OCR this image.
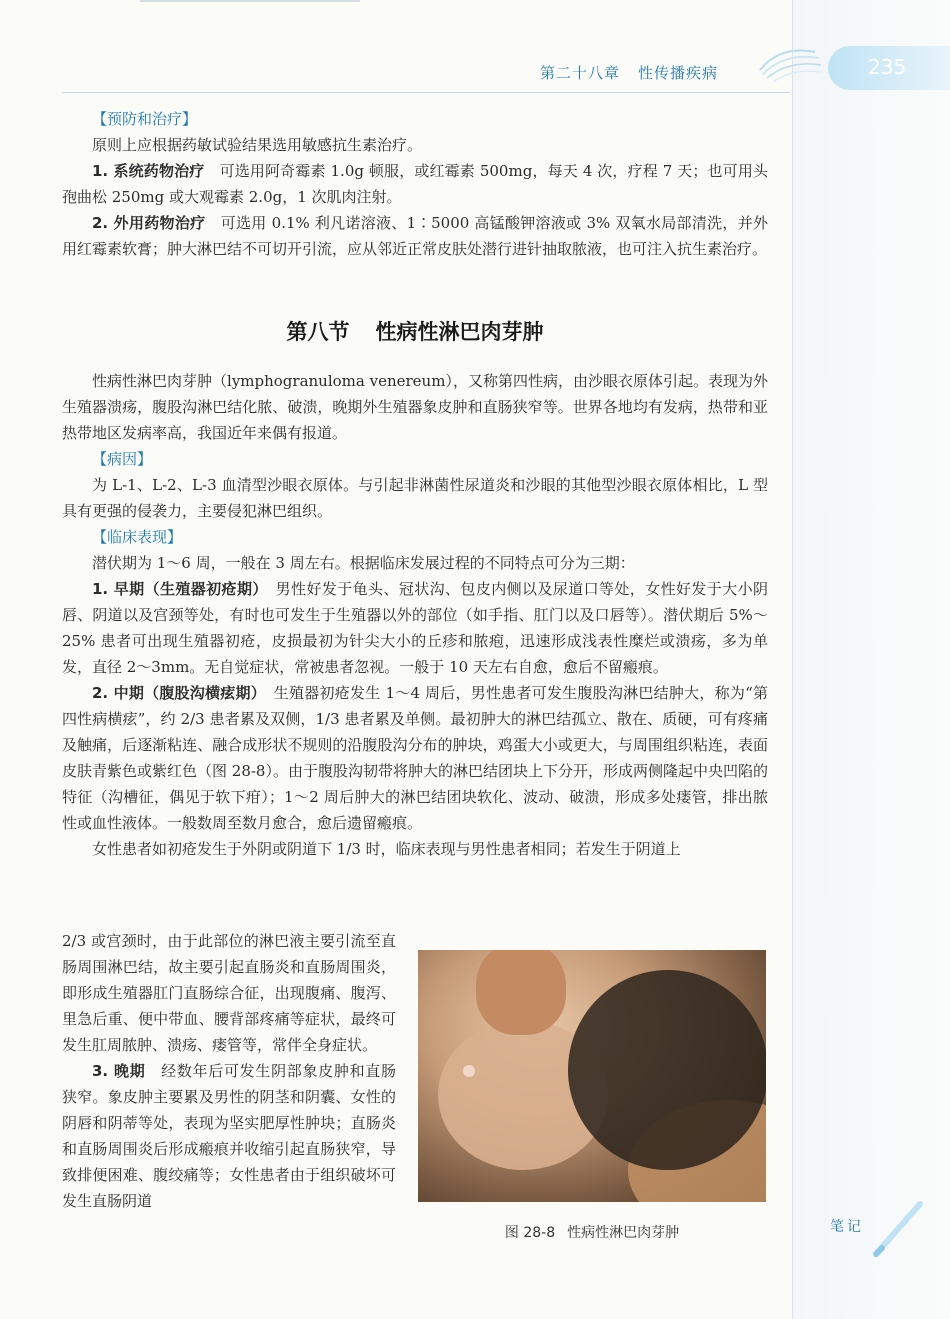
第二十八章 性传播疾病	235

【预防和治疗】

原则上应根据药敏试验结果选用敏感抗生素治疗。

1. 系统药物治疗　 可选用阿奇霉素 1.0g 顿服，或红霉素 500mg，每天 4 次，疗程 7 天；也可用头孢曲松 250mg 或大观霉素 2.0g，1 次肌肉注射。

2. 外用药物治疗　 可选用 0.1% 利凡诺溶液、1∶5000 高锰酸钾溶液或 3% 双氧水局部清洗，并外用红霉素软膏；肿大淋巴结不可切开引流，应从邻近正常皮肤处潜行进针抽取脓液，也可注入抗生素治疗。

第八节 性病性淋巴肉芽肿

性病性淋巴肉芽肿（lymphogranuloma venereum），又称第四性病，由沙眼衣原体引起。表现为外生殖器溃疡，腹股沟淋巴结化脓、破溃，晚期外生殖器象皮肿和直肠狭窄等。世界各地均有发病，热带和亚热带地区发病率高，我国近年来偶有报道。

【病因】

为 L-1、L-2、L-3 血清型沙眼衣原体。与引起非淋菌性尿道炎和沙眼的其他型沙眼衣原体相比，L 型具有更强的侵袭力，主要侵犯淋巴组织。

【临床表现】

潜伏期为 1～6 周，一般在 3 周左右。根据临床发展过程的不同特点可分为三期：

1. 早期（生殖器初疮期）　 男性好发于龟头、冠状沟、包皮内侧以及尿道口等处，女性好发于大小阴唇、阴道以及宫颈等处，有时也可发生于生殖器以外的部位（如手指、肛门以及口唇等）。潜伏期后 5%～25% 患者可出现生殖器初疮，皮损最初为针尖大小的丘疹和脓疱，迅速形成浅表性糜烂或溃疡，多为单发，直径 2～3mm。无自觉症状，常被患者忽视。一般于 10 天左右自愈，愈后不留瘢痕。

2. 中期（腹股沟横痃期）　 生殖器初疮发生 1～4 周后，男性患者可发生腹股沟淋巴结肿大，称为“第四性病横痃”，约 2/3 患者累及双侧，1/3 患者累及单侧。最初肿大的淋巴结孤立、散在、质硬，可有疼痛及触痛，后逐渐粘连、融合成形状不规则的沿腹股沟分布的肿块，鸡蛋大小或更大，与周围组织粘连，表面皮肤青紫色或紫红色（图 28-8）。由于腹股沟韧带将肿大的淋巴结团块上下分开，形成两侧隆起中央凹陷的特征（沟槽征，偶见于软下疳）；1～2 周后肿大的淋巴结团块软化、波动、破溃，形成多处瘘管，排出脓性或血性液体。一般数周至数月愈合，愈后遗留瘢痕。

女性患者如初疮发生于外阴或阴道下 1/3 时，临床表现与男性患者相同；若发生于阴道上

2/3 或宫颈时，由于此部位的淋巴液主要引流至直肠周围淋巴结，故主要引起直肠炎和直肠周围炎，即形成生殖器肛门直肠综合征，出现腹痛、腹泻、里急后重、便中带血、腰背部疼痛等症状，最终可发生肛周脓肿、溃疡、瘘管等，常伴全身症状。

3. 晚期　 经数年后可发生阴部象皮肿和直肠狭窄。象皮肿主要累及男性的阴茎和阴囊、女性的阴唇和阴蒂等处，表现为坚实肥厚性肿块；直肠炎和直肠周围炎后形成瘢痕并收缩引起直肠狭窄，导致排便困难、腹绞痛等；女性患者由于组织破坏可发生直肠阴道

图 28-8 性病性淋巴肉芽肿	笔记
